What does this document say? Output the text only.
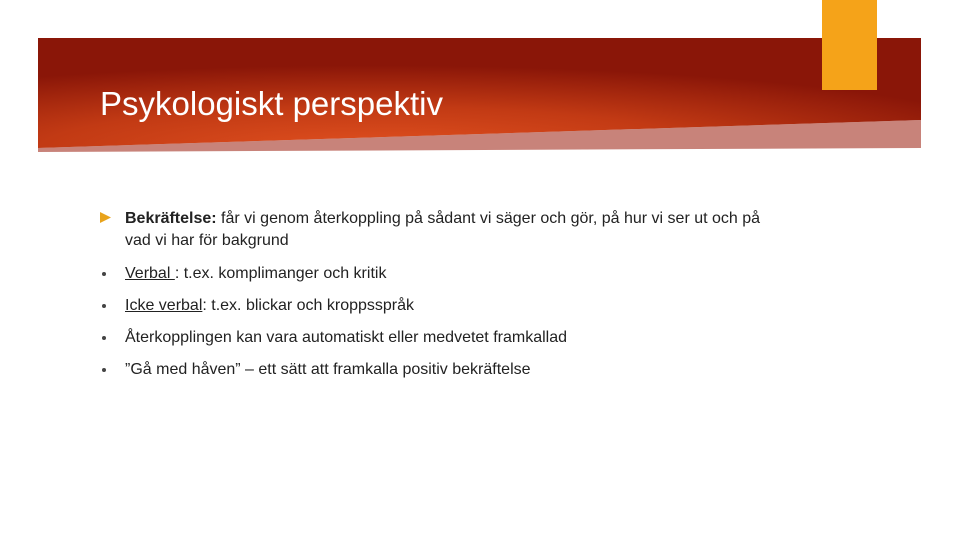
Psykologiskt perspektiv
Bekräftelse: får vi genom återkoppling på sådant vi säger och gör, på hur vi ser ut och på vad vi har för bakgrund
Verbal : t.ex. komplimanger och kritik
Icke verbal: t.ex. blickar och kroppsspråk
Återkopplingen kan vara automatiskt eller medvetet framkallad
”Gå med håven” – ett sätt att framkalla positiv bekräftelse
